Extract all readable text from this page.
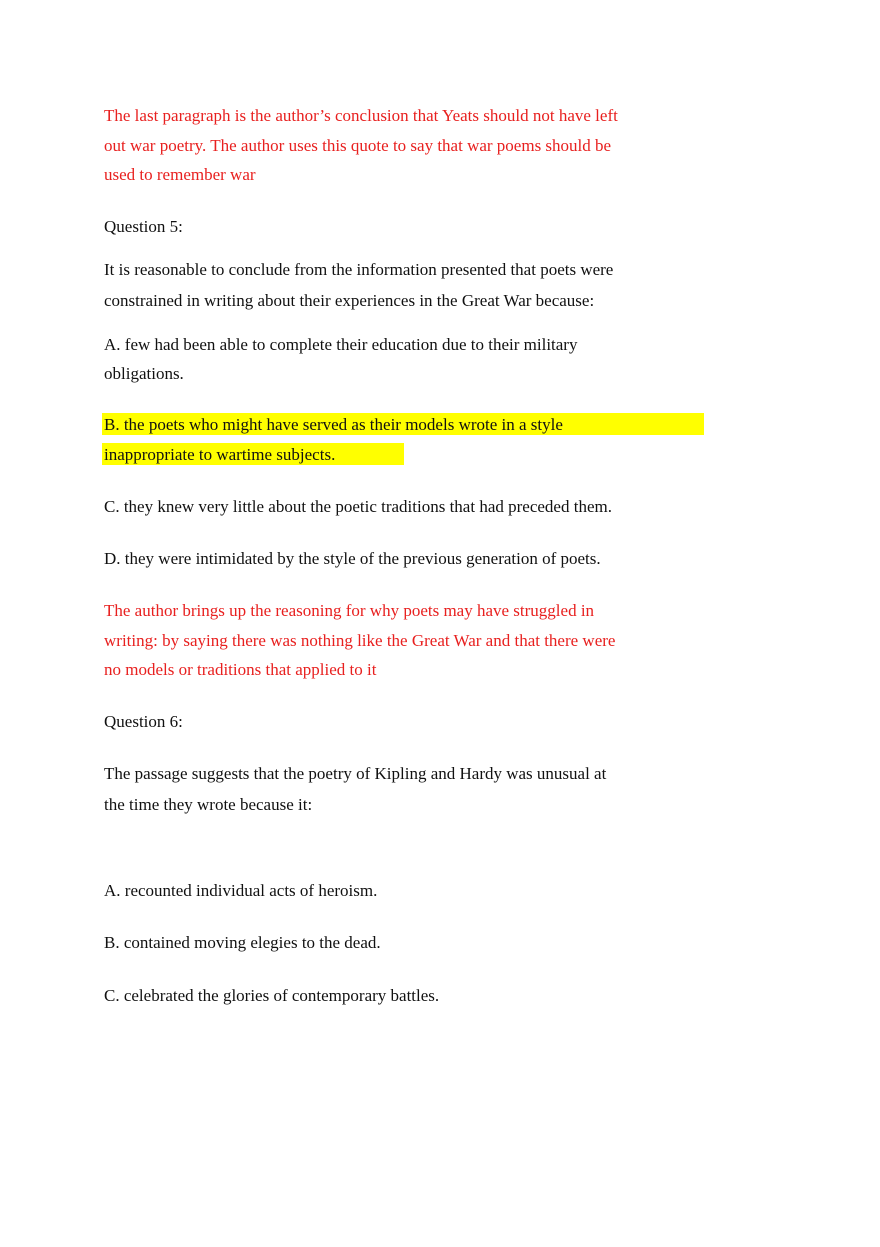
The last paragraph is the author’s conclusion that Yeats should not have left
out war poetry. The author uses this quote to say that war poems should be
used to remember war
Question 5:
It is reasonable to conclude from the information presented that poets were
constrained in writing about their experiences in the Great War because:
A. few had been able to complete their education due to their military
obligations.
B. the poets who might have served as their models wrote in a style
inappropriate to wartime subjects.
C. they knew very little about the poetic traditions that had preceded them.
D. they were intimidated by the style of the previous generation of poets.
The author brings up the reasoning for why poets may have struggled in
writing: by saying there was nothing like the Great War and that there were
no models or traditions that applied to it
Question 6:
The passage suggests that the poetry of Kipling and Hardy was unusual at
the time they wrote because it:
A. recounted individual acts of heroism.
B. contained moving elegies to the dead.
C. celebrated the glories of contemporary battles.
